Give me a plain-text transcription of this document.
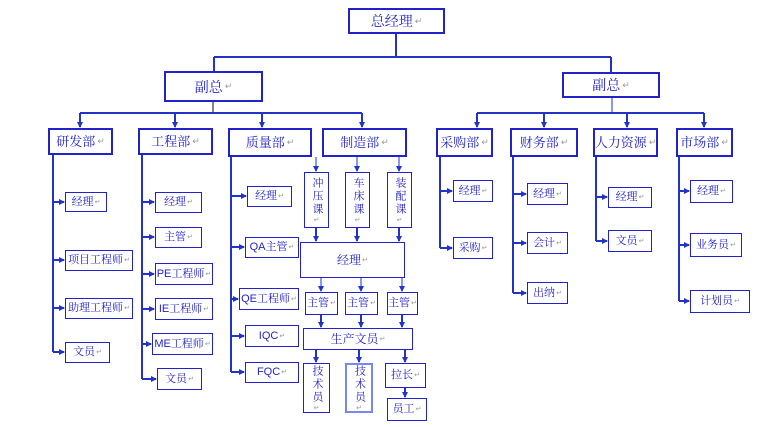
总经理 ↵
副总 ↵	副总 ↵
研发部 ↵	工程部 ↵	质量部 ↵	制造部 ↵	采购部 ↵ 财务部 ↵ 人力资源 ↵ 市场部 ↵
经理 ↵
项目工程师 ↵
助理工程师 ↵
文员 ↵
经理 ↵
主管 ↵
PE工程师 ↵
IE工程师 ↵
ME工程师 ↵
文员 ↵
经理 ↵
QA主管 ↵
QE工程师 ↵
IQC ↵
FQC ↵
冲压课
↵
车床课
↵
装配课
↵
经理 ↵
主管 ↵ 主管 ↵ 主管 ↵
生产文员 ↵
技术员
↵
技术员
↵
拉长 ↵
员工 ↵
经理 ↵
采购 ↵
经理 ↵
会计 ↵
出纳 ↵
经理 ↵
文员 ↵
经理 ↵
业务员 ↵
计划员 ↵
